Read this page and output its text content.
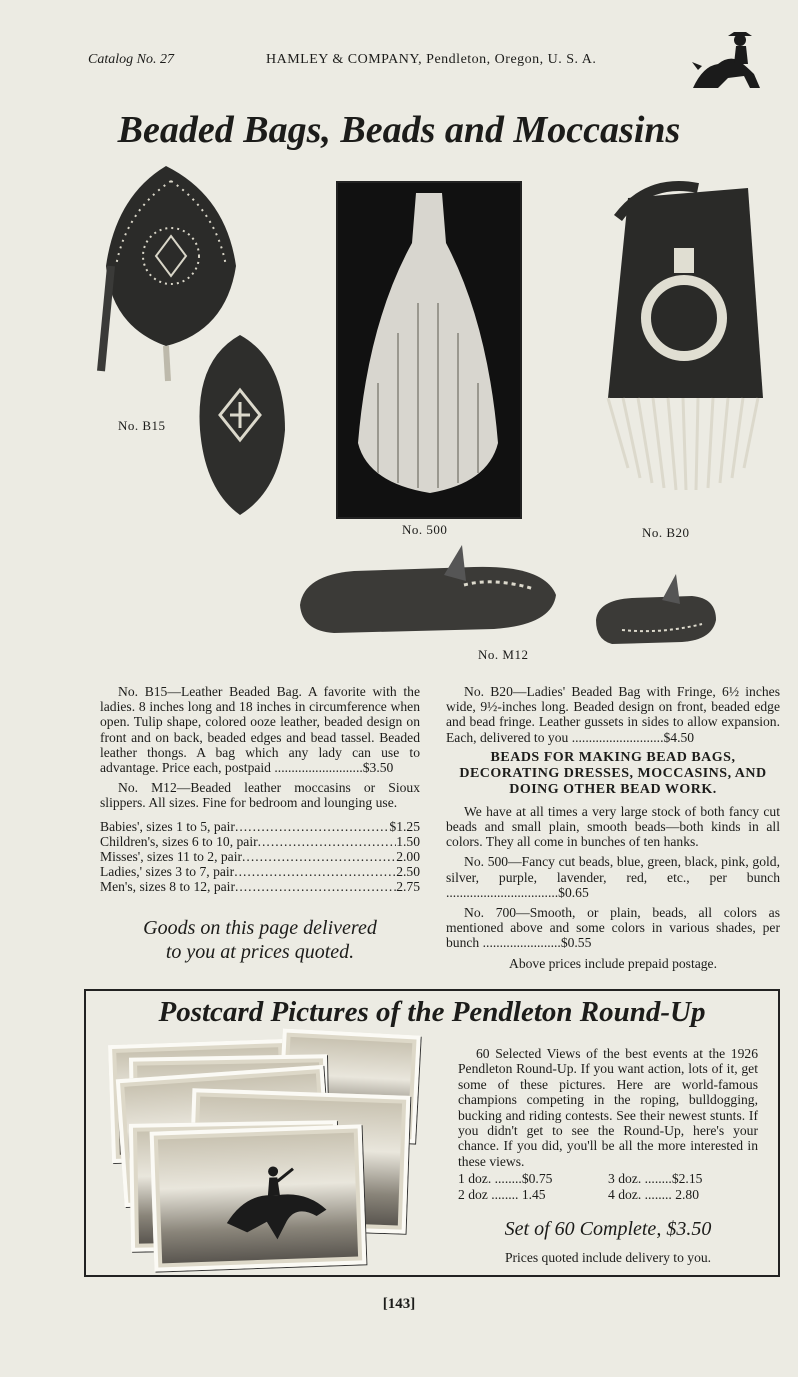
Catalog No. 27	HAMLEY & COMPANY, Pendleton, Oregon, U. S. A.
Beaded Bags, Beads and Moccasins
No. B15
No. 500	No. B20
No. M12

No. B15—Leather Beaded Bag. A favorite with the ladies. 8 inches long and 18 inches in circumference when open. Tulip shape, colored ooze leather, beaded design on front and on back, beaded edges and bead tassel. Beaded leather thongs. A bag which any lady can use to advantage. Price each, postpaid ..........................$3.50

No. M12—Beaded leather moccasins or Sioux slippers. All sizes. Fine for bedroom and lounging use.

Babies', sizes 1 to 5, pair .....	$1.25
Children's, sizes 6 to 10, pair .....	1.50
Misses', sizes 11 to 2, pair .....	2.00
Ladies,' sizes 3 to 7, pair .....	2.50
Men's, sizes 8 to 12, pair .....	2.75
Goods on this page delivered
to you at prices quoted.

No. B20—Ladies' Beaded Bag with Fringe, 6½ inches wide, 9½-inches long. Beaded design on front, beaded edge and bead fringe. Leather gussets in sides to allow expansion. Each, delivered to you ...........................$4.50

BEADS FOR MAKING BEAD BAGS, DECORATING DRESSES, MOCCASINS, AND DOING OTHER BEAD WORK.

We have at all times a very large stock of both fancy cut beads and small plain, smooth beads—both kinds in all colors. They all come in bunches of ten hanks.

No. 500—Fancy cut beads, blue, green, black, pink, gold, silver, purple, lavender, red, etc., per bunch .................................$0.65

No. 700—Smooth, or plain, beads, all colors as mentioned above and some colors in various shades, per bunch .......................$0.55

Above prices include prepaid postage.
Postcard Pictures of the Pendleton Round-Up

60 Selected Views of the best events at the 1926 Pendleton Round-Up. If you want action, lots of it, get some of these pictures. Here are world-famous champions competing in the roping, bulldogging, bucking and riding contests. See their newest stunts. If you didn't get to see the Round-Up, here's your chance. If you did, you'll be all the more interested in these views.

1 doz. ........$0.75	3 doz. ........$2.15
2 doz ........ 1.45	4 doz. ........ 2.80
Set of 60 Complete, $3.50
Prices quoted include delivery to you.
[143]
